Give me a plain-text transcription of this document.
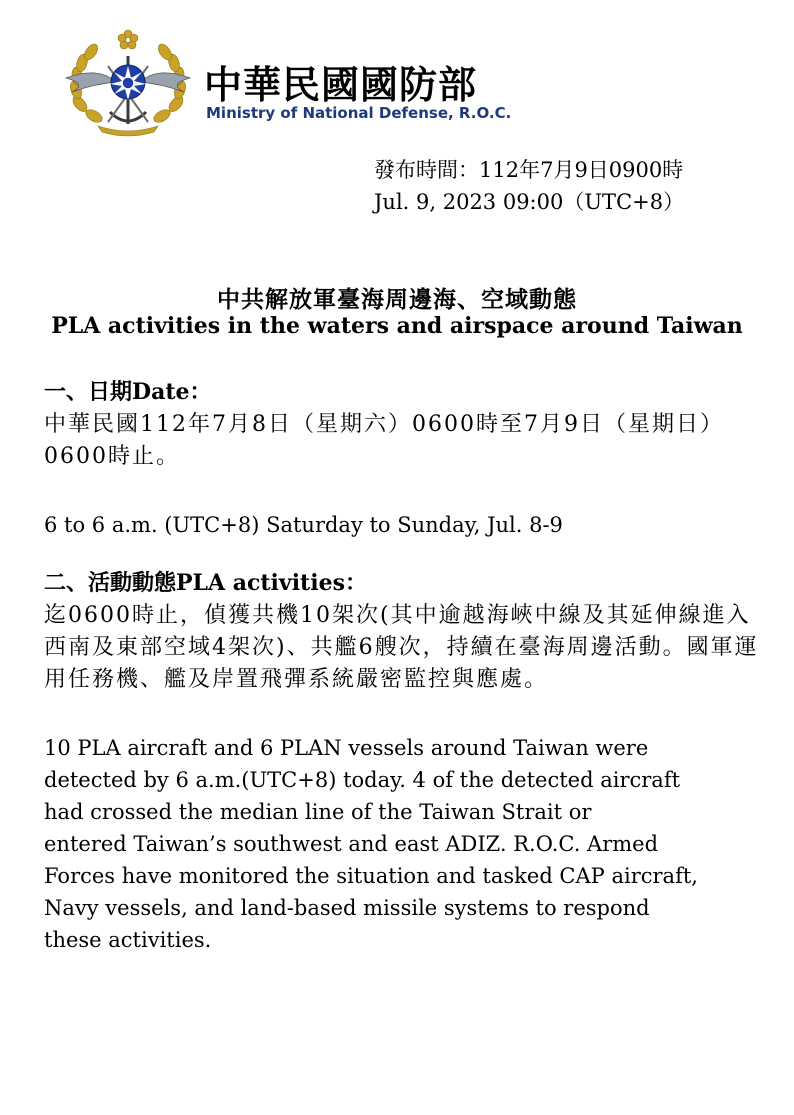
中華民國國防部
Ministry of National Defense, R.O.C.
發布時間：112年7月9日0900時
Jul. 9, 2023 09:00（UTC+8）
中共解放軍臺海周邊海、空域動態
PLA activities in the waters and airspace around Taiwan
一、日期Date：
中華民國112年7月8日（星期六）0600時至7月9日（星期日）0600時止。
6 to 6 a.m. (UTC+8) Saturday to Sunday, Jul. 8-9
二、活動動態PLA activities：
迄0600時止，偵獲共機10架次(其中逾越海峽中線及其延伸線進入西南及東部空域4架次)、共艦6艘次，持續在臺海周邊活動。國軍運用任務機、艦及岸置飛彈系統嚴密監控與應處。
10 PLA aircraft and 6 PLAN vessels around Taiwan were
detected by 6 a.m.(UTC+8) today. 4 of the detected aircraft
had crossed the median line of the Taiwan Strait or
entered Taiwan’s southwest and east ADIZ. R.O.C. Armed
Forces have monitored the situation and tasked CAP aircraft,
Navy vessels, and land-based missile systems to respond
these activities.
